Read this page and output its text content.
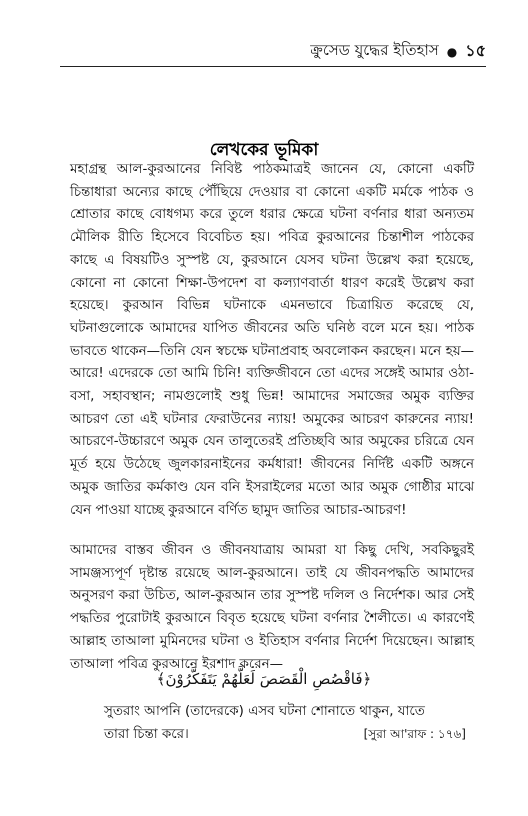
ক্রুসেড যুদ্ধের ইতিহাস ● ১৫
লেখকের ভূমিকা

মহাগ্রন্থ আল-কুরআনের নিবিষ্ট পাঠকমাত্রই জানেন যে, কোনো একটি চিন্তাধারা অন্যের কাছে পৌঁছিয়ে দেওয়ার বা কোনো একটি মর্মকে পাঠক ও শ্রোতার কাছে বোধগম্য করে তুলে ধরার ক্ষেত্রে ঘটনা বর্ণনার ধারা অন্যতম মৌলিক রীতি হিসেবে বিবেচিত হয়। পবিত্র কুরআনের চিন্তাশীল পাঠকের কাছে এ বিষয়টিও সুস্পষ্ট যে, কুরআনে যেসব ঘটনা উল্লেখ করা হয়েছে, কোনো না কোনো শিক্ষা-উপদেশ বা কল্যাণবার্তা ধারণ করেই উল্লেখ করা হয়েছে। কুরআন বিভিন্ন ঘটনাকে এমনভাবে চিত্রায়িত করেছে যে, ঘটনাগুলোকে আমাদের যাপিত জীবনের অতি ঘনিষ্ঠ বলে মনে হয়। পাঠক ভাবতে থাকেন—তিনি যেন স্বচক্ষে ঘটনাপ্রবাহ অবলোকন করছেন। মনে হয়—আরে! এদেরকে তো আমি চিনি! ব্যক্তিজীবনে তো এদের সঙ্গেই আমার ওঠা-বসা, সহাবস্থান; নামগুলোই শুধু ভিন্ন! আমাদের সমাজের অমুক ব্যক্তির আচরণ তো এই ঘটনার ফেরাউনের ন্যায়! অমুকের আচরণ কারুনের ন্যায়! আচরণে-উচ্চারণে অমুক যেন তালুতেরই প্রতিচ্ছবি আর অমুকের চরিত্রে যেন মূর্ত হয়ে উঠেছে জুলকারনাইনের কর্মধারা! জীবনের নির্দিষ্ট একটি অঙ্গনে অমুক জাতির কর্মকাণ্ড যেন বনি ইসরাইলের মতো আর অমুক গোষ্ঠীর মাঝে যেন পাওয়া যাচ্ছে কুরআনে বর্ণিত ছামুদ জাতির আচার-আচরণ!

আমাদের বাস্তব জীবন ও জীবনযাত্রায় আমরা যা কিছু দেখি, সবকিছুরই সামঞ্জস্যপূর্ণ দৃষ্টান্ত রয়েছে আল-কুরআনে। তাই যে জীবনপদ্ধতি আমাদের অনুসরণ করা উচিত, আল-কুরআন তার সুস্পষ্ট দলিল ও নির্দেশক। আর সেই পদ্ধতির পুরোটাই কুরআনে বিবৃত হয়েছে ঘটনা বর্ণনার শৈলীতে। এ কারণেই আল্লাহ তাআলা মুমিনদের ঘটনা ও ইতিহাস বর্ণনার নির্দেশ দিয়েছেন। আল্লাহ তাআলা পবিত্র কুরআনে ইরশাদ করেন—

﴿فَاقْصُصِ الْقَصَصَ لَعَلَّهُمْ يَتَفَكَّرُوْنَ﴾
সুতরাং আপনি (তাদেরকে) এসব ঘটনা শোনাতে থাকুন, যাতে
তারা চিন্তা করে।	[সুরা আ'রাফ : ১৭৬]
